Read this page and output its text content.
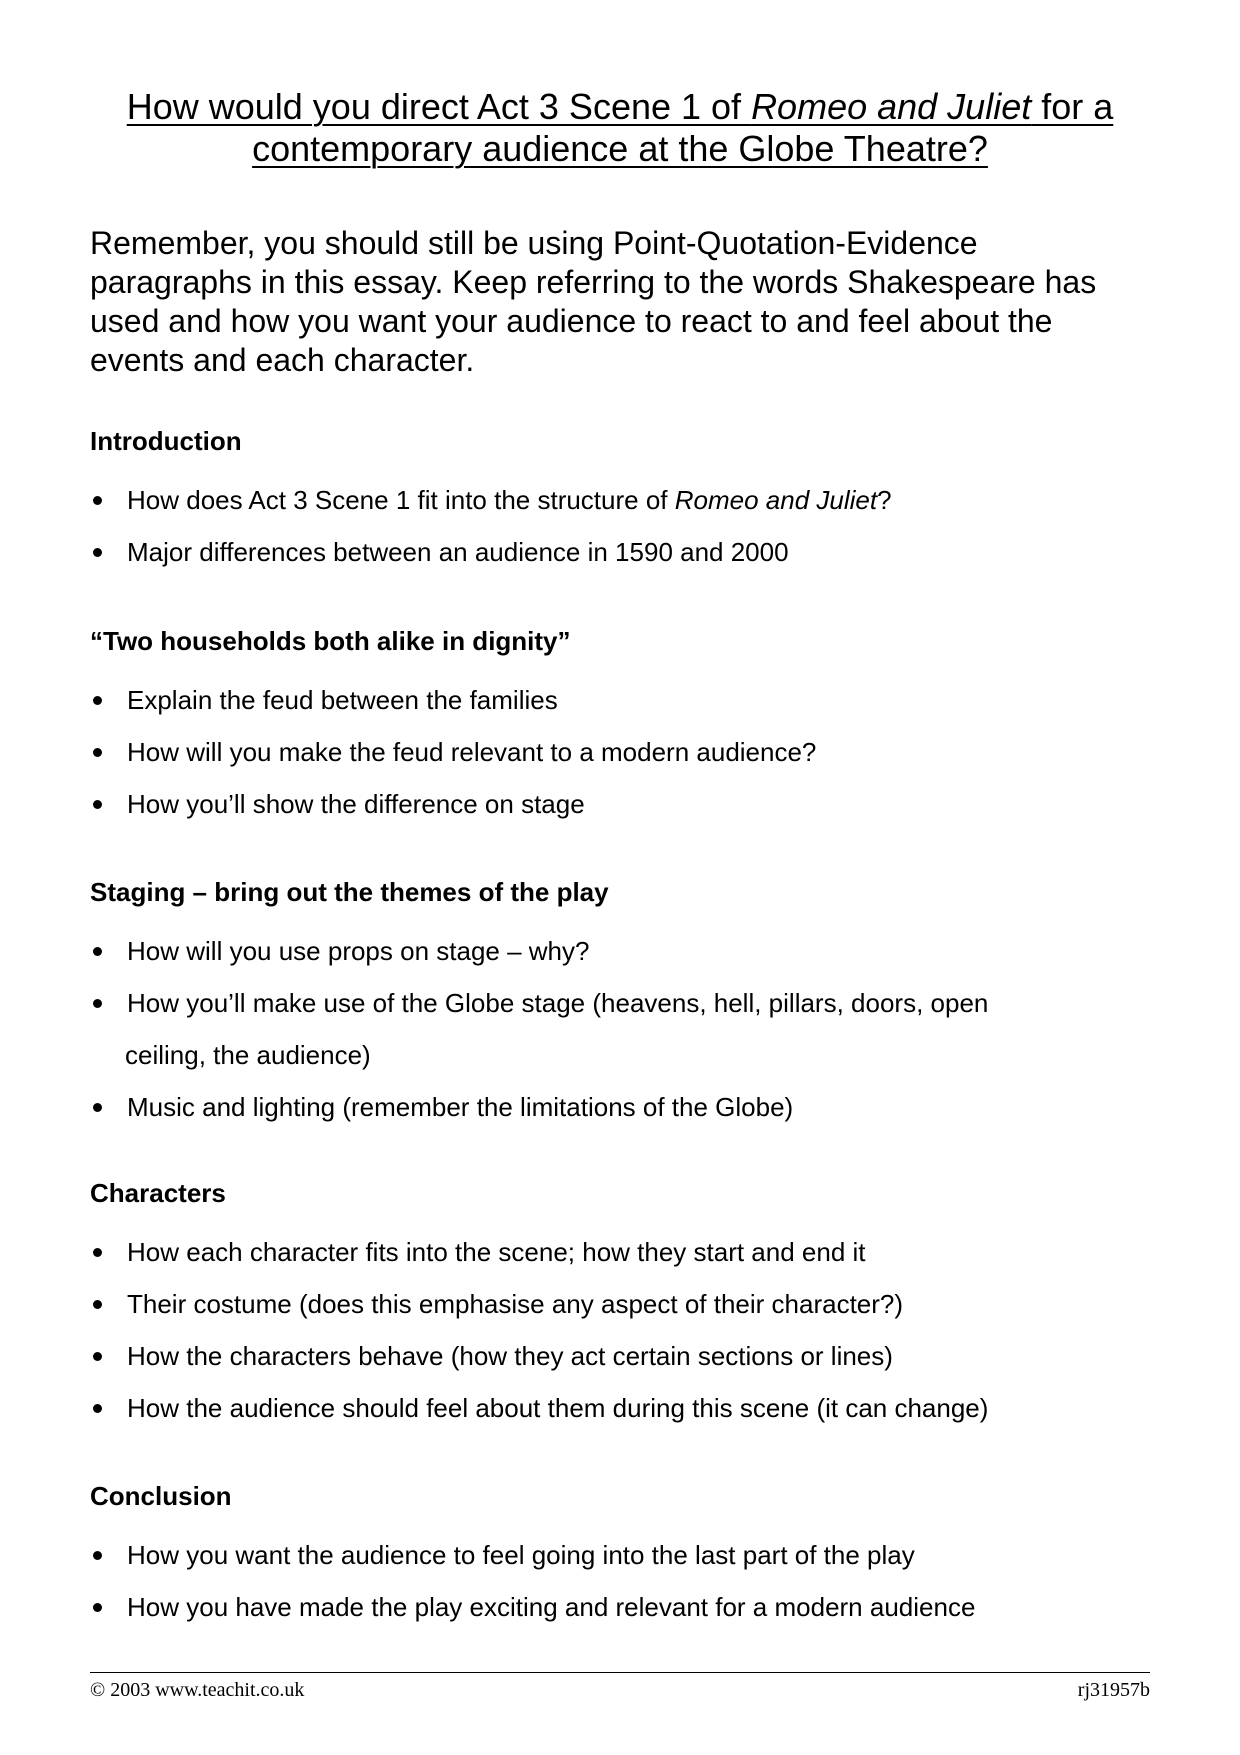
How would you direct Act 3 Scene 1 of Romeo and Juliet for a
contemporary audience at the Globe Theatre?
Remember, you should still be using Point-Quotation-Evidence
paragraphs in this essay. Keep referring to the words Shakespeare has
used and how you want your audience to react to and feel about the
events and each character.
Introduction
How does Act 3 Scene 1 fit into the structure of Romeo and Juliet?
Major differences between an audience in 1590 and 2000
“Two households both alike in dignity”
Explain the feud between the families
How will you make the feud relevant to a modern audience?
How you’ll show the difference on stage
Staging – bring out the themes of the play
How will you use props on stage – why?
How you’ll make use of the Globe stage (heavens, hell, pillars, doors, open
ceiling, the audience)
Music and lighting (remember the limitations of the Globe)
Characters
How each character fits into the scene; how they start and end it
Their costume (does this emphasise any aspect of their character?)
How the characters behave (how they act certain sections or lines)
How the audience should feel about them during this scene (it can change)
Conclusion
How you want the audience to feel going into the last part of the play
How you have made the play exciting and relevant for a modern audience
© 2003 www.teachit.co.uk	rj31957b
